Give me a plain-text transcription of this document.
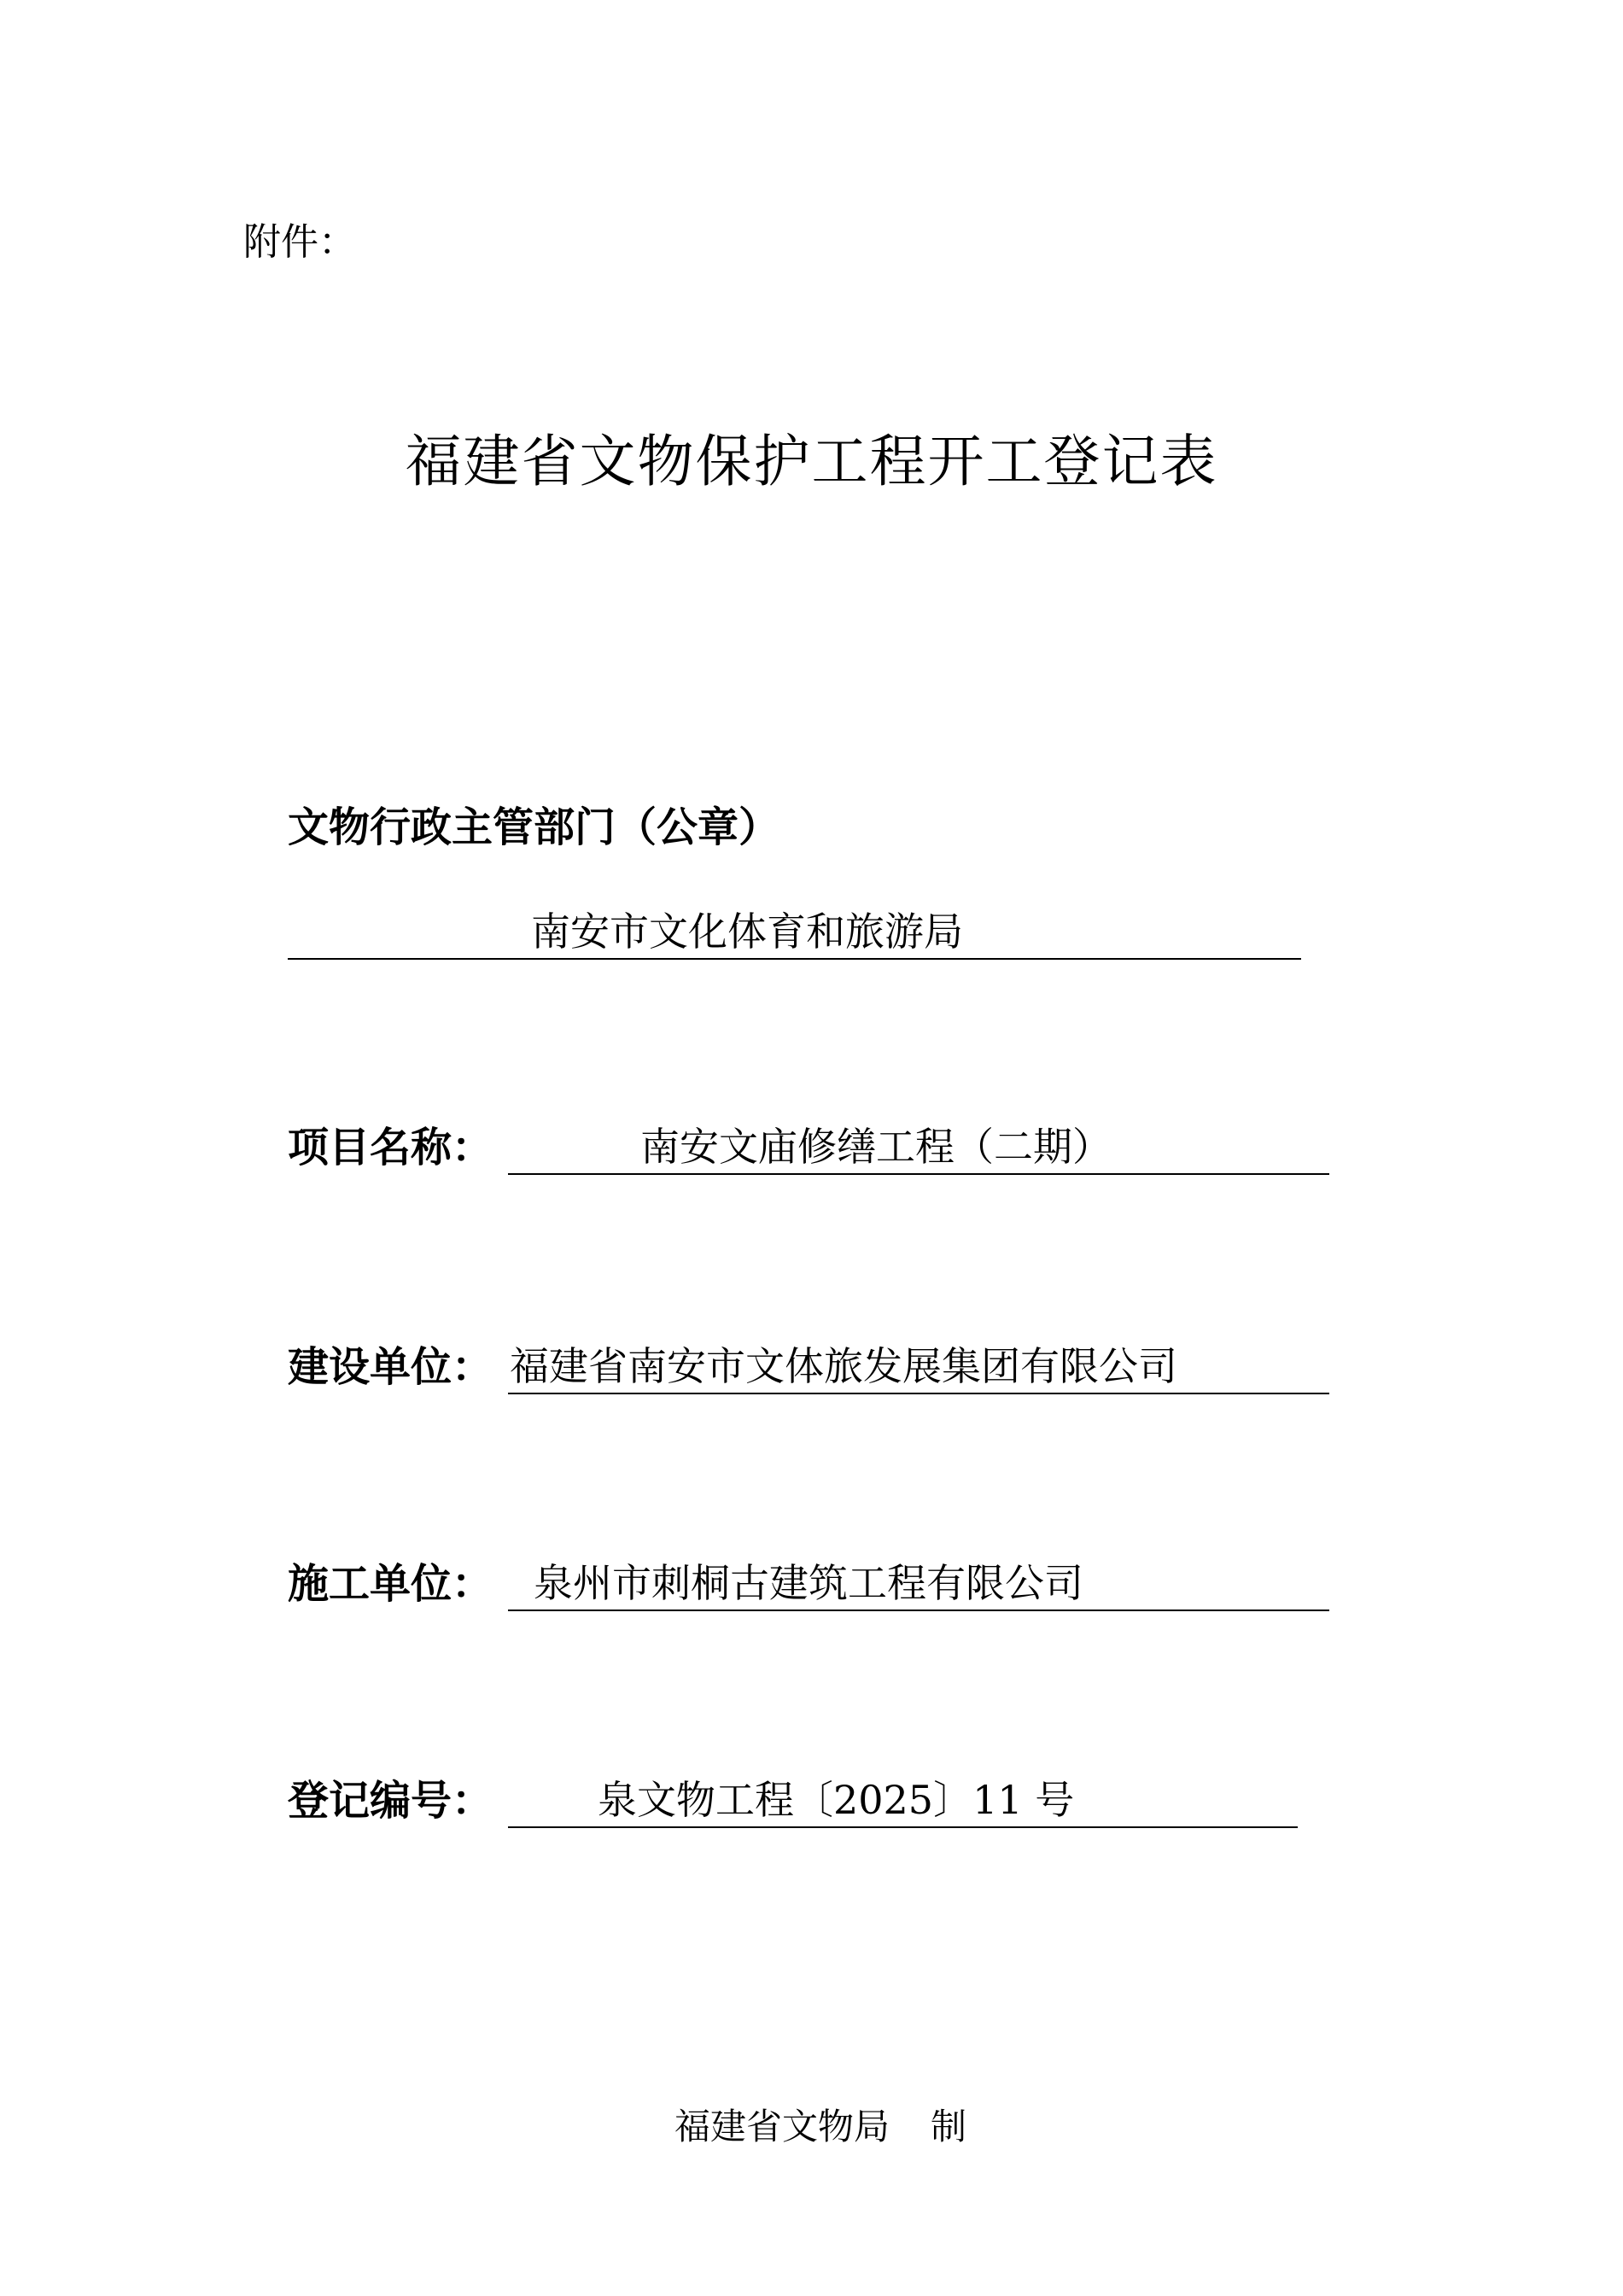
附件：
福建省文物保护工程开工登记表
文物行政主管部门（公章）
南安市文化体育和旅游局
项目名称：	南安文庙修缮工程（二期）
建设单位： 福建省南安市文体旅发展集团有限公司
施工单位： 泉州市刺桐古建筑工程有限公司
登记编号：	泉文物工程〔2025〕11 号
福建省文物局 制
